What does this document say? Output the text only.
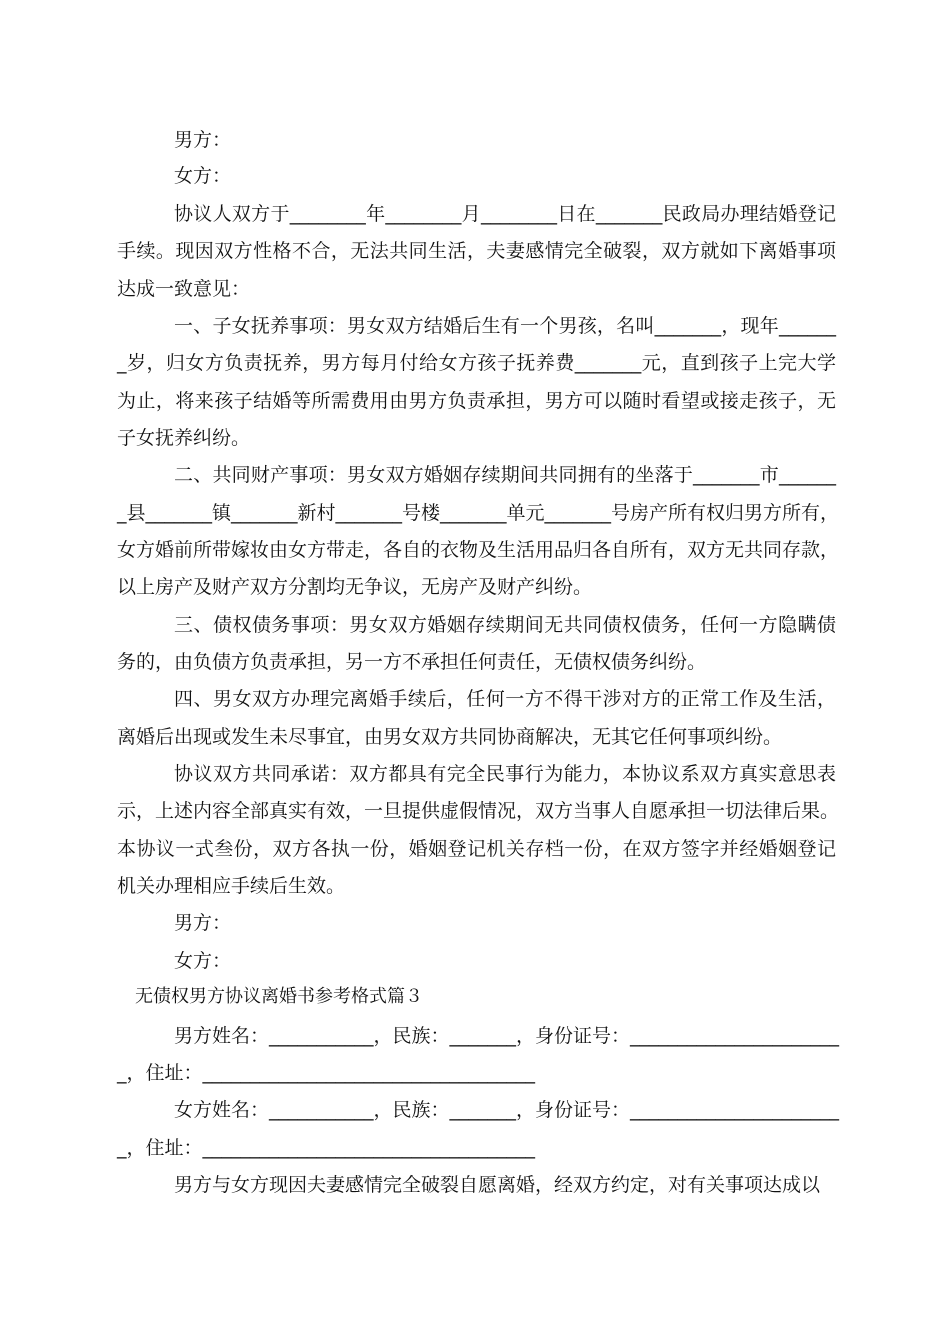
男方：
女方：
协议人双方于________年________月________日在_______民政局办理结婚登记
手续。现因双方性格不合，无法共同生活，夫妻感情完全破裂，双方就如下离婚事项
达成一致意见：
一、子女抚养事项：男女双方结婚后生有一个男孩，名叫_______，现年______
_岁，归女方负责抚养，男方每月付给女方孩子抚养费_______元，直到孩子上完大学
为止，将来孩子结婚等所需费用由男方负责承担，男方可以随时看望或接走孩子，无
子女抚养纠纷。
二、共同财产事项：男女双方婚姻存续期间共同拥有的坐落于_______市______
_县_______镇_______新村_______号楼_______单元_______号房产所有权归男方所有，
女方婚前所带嫁妆由女方带走，各自的衣物及生活用品归各自所有，双方无共同存款，
以上房产及财产双方分割均无争议，无房产及财产纠纷。
三、债权债务事项：男女双方婚姻存续期间无共同债权债务，任何一方隐瞒债
务的，由负债方负责承担，另一方不承担任何责任，无债权债务纠纷。
四、男女双方办理完离婚手续后，任何一方不得干涉对方的正常工作及生活，
离婚后出现或发生未尽事宜，由男女双方共同协商解决，无其它任何事项纠纷。
协议双方共同承诺：双方都具有完全民事行为能力，本协议系双方真实意思表
示，上述内容全部真实有效，一旦提供虚假情况，双方当事人自愿承担一切法律后果。
本协议一式叁份，双方各执一份，婚姻登记机关存档一份，在双方签字并经婚姻登记
机关办理相应手续后生效。
男方：
女方：
无债权男方协议离婚书参考格式篇３
男方姓名：___________，民族：_______，身份证号：______________________
_，住址：___________________________________
女方姓名：___________，民族：_______，身份证号：______________________
_，住址：___________________________________
男方与女方现因夫妻感情完全破裂自愿离婚，经双方约定，对有关事项达成以
